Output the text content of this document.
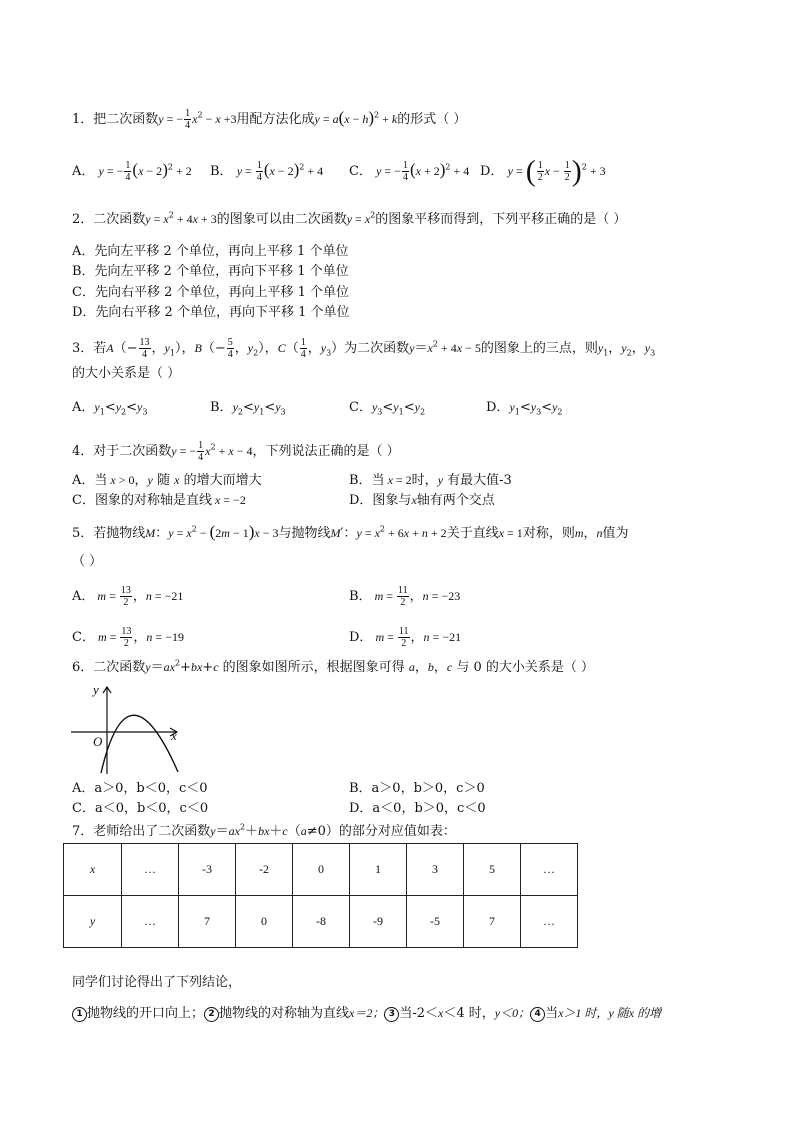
1．把二次函数y = − $\frac{1}{4} x^2 - x +3$用配方法化成$y = a(x - h)^2 + k$的形式（ ）
A． y = − $\frac{1}{4} (x - 2)^2 + 2$ B． $y = \frac{1}{4} (x - 2)^2 + 4$ C． y = − $\frac{1}{4} (x + 2)^2 + 4$ D． y = ( $\frac{1}{2}$ $x - \frac{1}{2} )^2 + 3$
2．二次函数$y = x^2 + 4x + 3$的图象可以由二次函数$y = x^2$的图象平移而得到，下列平移正确的是（ ）
A．先向左平移 2 个单位，再向上平移 1 个单位
B．先向左平移 2 个单位，再向下平移 1 个单位
C．先向右平移 2 个单位，再向上平移 1 个单位
D．先向右平移 2 个单位，再向下平移 1 个单位
3．若$A(- \frac{13}{4}$ ，$y_1$），$B(- \frac{5}{4}$ ，$y_2$），$C( \frac{1}{4}$ ，$y_3$）为二次函数$y=x^2 + 4x - 5$的图象上的三点，则$y_1$，$y_2$，$y_3$
的大小关系是（ ）
A．$y_1<y_2<y_3$	B．$y_2<y_1<y_3$	C．$y_3<y_1<y_2$	D．$y_1<y_3<y_2$
4．对于二次函数y = − $\frac{1}{4} x^2 + x - 4$，下列说法正确的是（ ）
A．当 x > 0，y 随 x 的增大而增大	B．当 x = 2时，y 有最大值-3
C．图象的对称轴是直线 x = −2	D．图象与x轴有两个交点
5．若抛物线M：$y = x^2 - (2m - 1)x - 3$与抛物线M′：$y = x^2 + 6x + n + 2$关于直线x = 1对称，则m，n值为
（ ）
A． $m = \frac{13}{2}$ ，n = −21	B． $m = \frac{11}{2}$ ，n = −23
C． $m = \frac{13}{2}$ ，n = −19	D． $m = \frac{11}{2}$ ，n = −21
6．二次函数$y=ax^2+bx+c$ 的图象如图所示，根据图象可得 a，b，c 与 0 的大小关系是（ ）
y
x
O
A．a＞0，b＜0，c＜0	B．a＞0，b＞0，c＞0
C．a＜0，b＜0，c＜0	D．a＜0，b＞0，c＜0
7．老师给出了二次函数$y=ax^2+bx+c(a\ne 0)$的部分对应值如表：
x	…	-3	-2	0	1	3	5	…
y	…	7	0	-8	-9	-5	7	…
同学们讨论得出了下列结论，
1 抛物线的开口向上； 2 抛物线的对称轴为直线x＝2； 3 当-2＜x＜4 时，y＜0； 4 当x＞1 时，y 随x 的增
